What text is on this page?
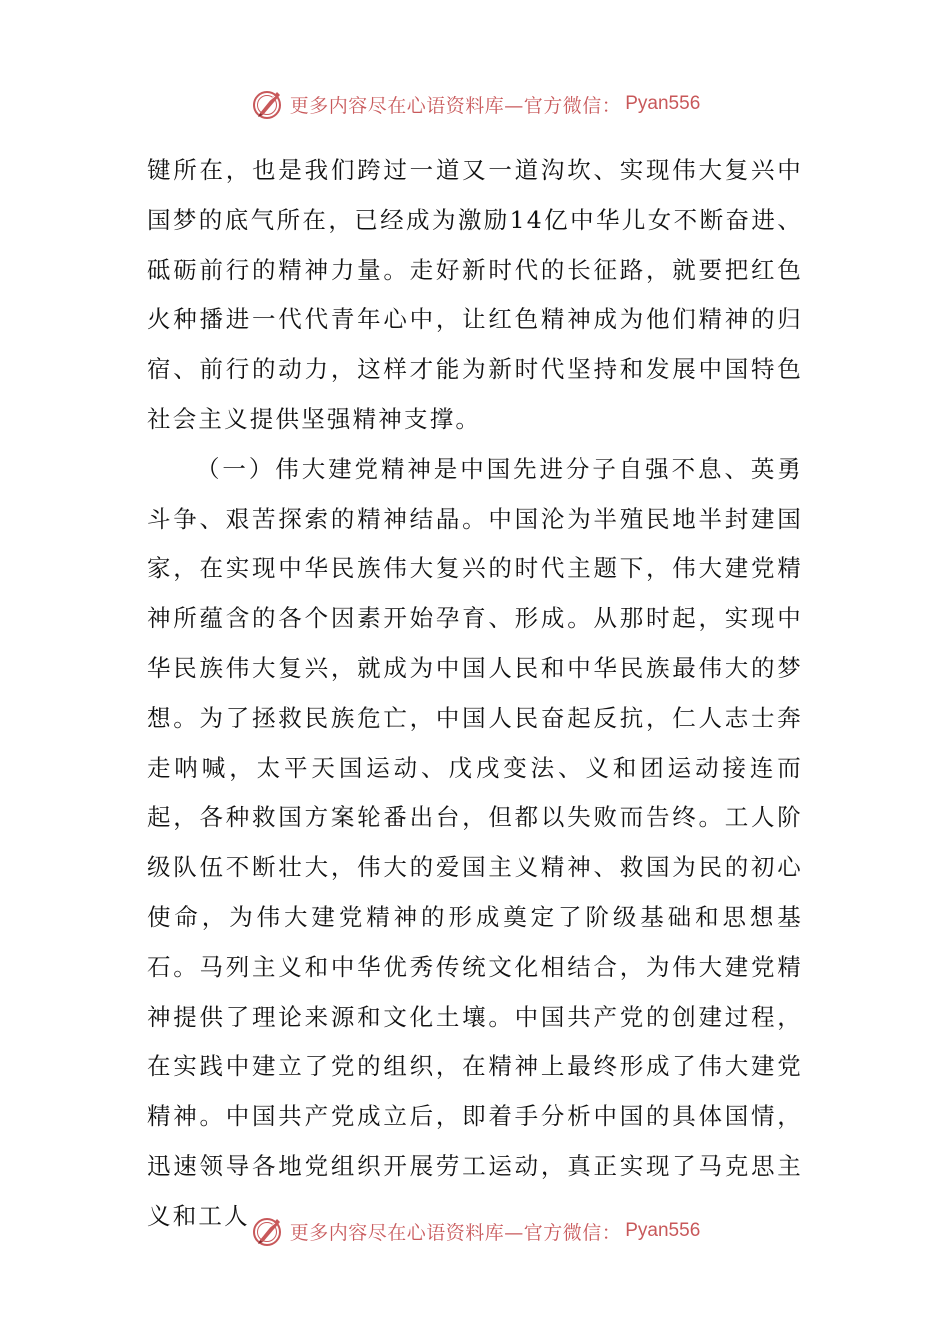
更多内容尽在心语资料库—官方微信： Pyan556

键所在，也是我们跨过一道又一道沟坎、实现伟大复兴中国梦的底气所在，已经成为激励14亿中华儿女不断奋进、砥砺前行的精神力量。走好新时代的长征路，就要把红色火种播进一代代青年心中，让红色精神成为他们精神的归宿、前行的动力，这样才能为新时代坚持和发展中国特色社会主义提供坚强精神支撑。

（一）伟大建党精神是中国先进分子自强不息、英勇斗争、艰苦探索的精神结晶。中国沦为半殖民地半封建国家，在实现中华民族伟大复兴的时代主题下，伟大建党精神所蕴含的各个因素开始孕育、形成。从那时起，实现中华民族伟大复兴，就成为中国人民和中华民族最伟大的梦想。为了拯救民族危亡，中国人民奋起反抗，仁人志士奔走呐喊，太平天国运动、戊戌变法、义和团运动接连而起，各种救国方案轮番出台，但都以失败而告终。工人阶级队伍不断壮大，伟大的爱国主义精神、救国为民的初心使命，为伟大建党精神的形成奠定了阶级基础和思想基石。马列主义和中华优秀传统文化相结合，为伟大建党精神提供了理论来源和文化土壤。中国共产党的创建过程，在实践中建立了党的组织，在精神上最终形成了伟大建党精神。中国共产党成立后，即着手分析中国的具体国情，迅速领导各地党组织开展劳工运动，真正实现了马克思主义和工人

更多内容尽在心语资料库—官方微信： Pyan556
